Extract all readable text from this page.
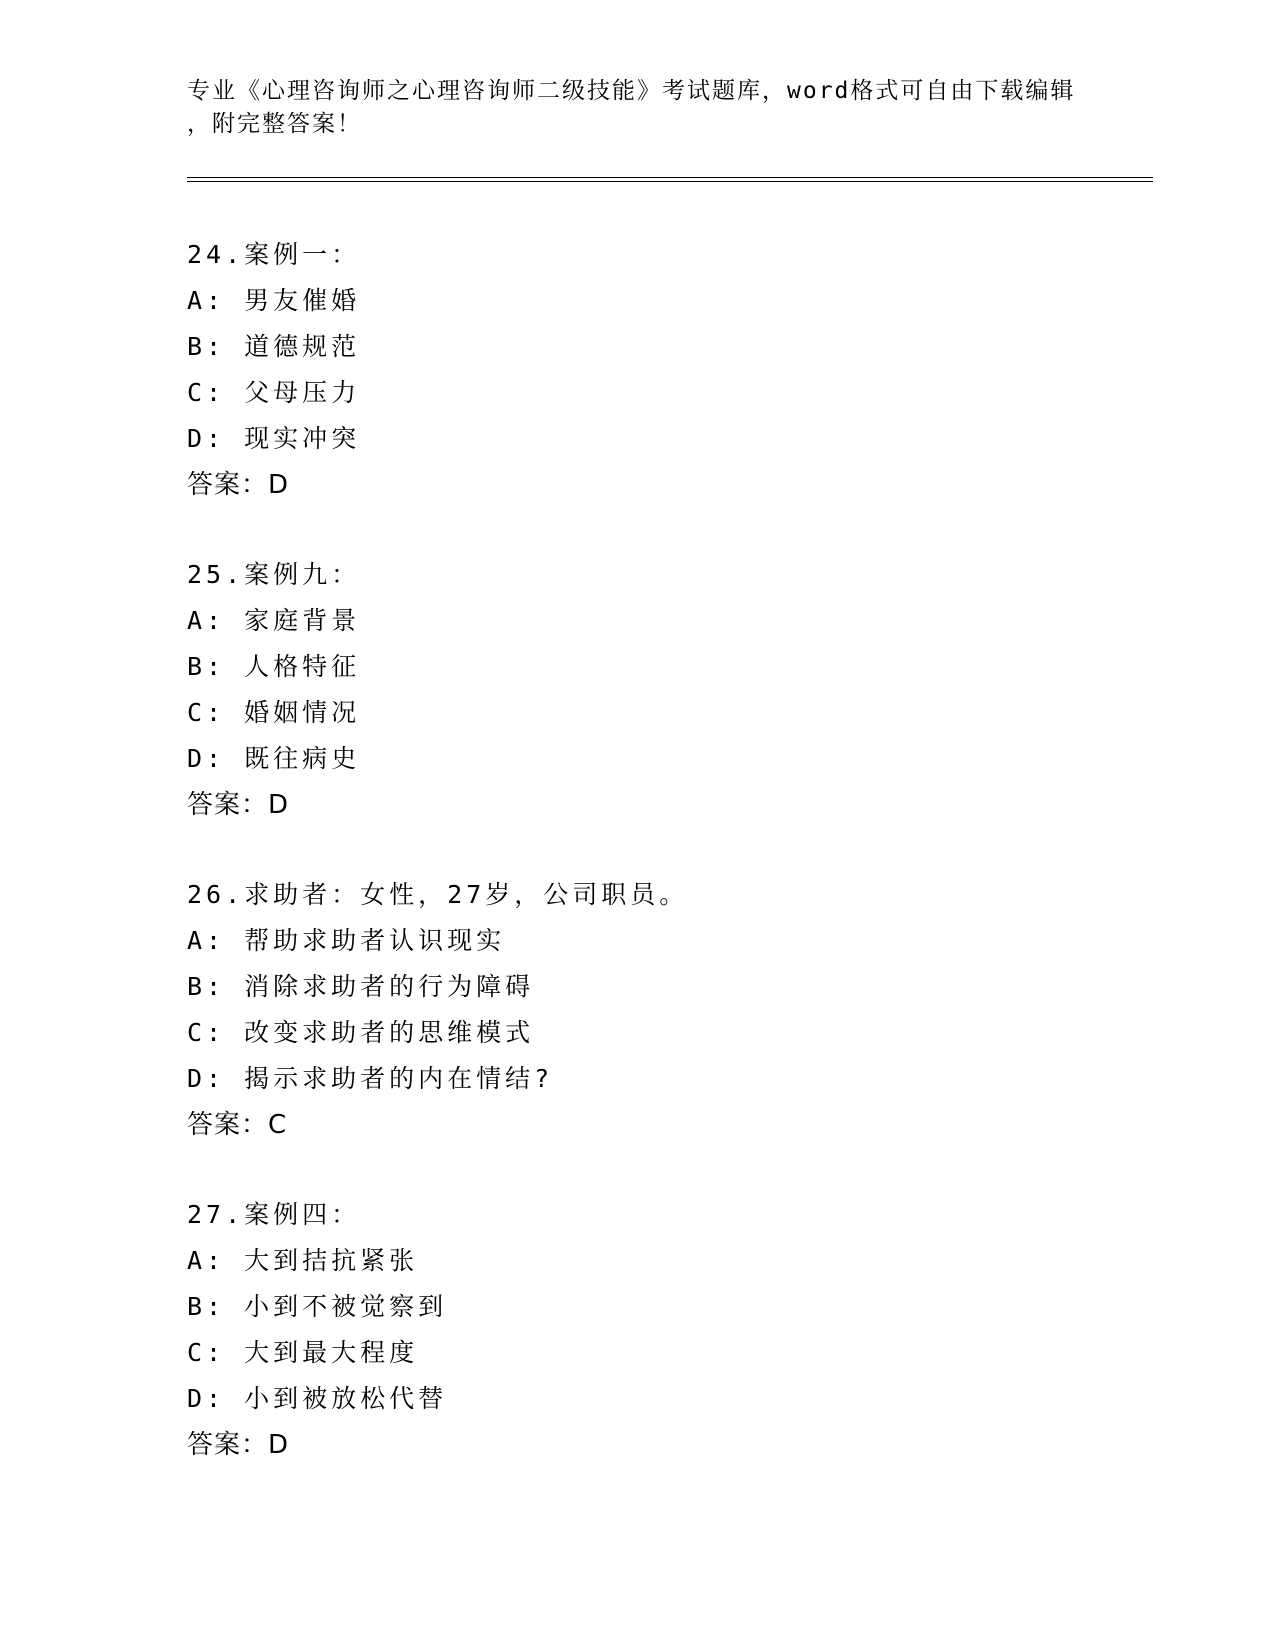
专业《心理咨询师之心理咨询师二级技能》考试题库，word格式可自由下载编辑
，附完整答案！
24.案例一：
A: 男友催婚
B: 道德规范
C: 父母压力
D: 现实冲突
答案：D
25.案例九：
A: 家庭背景
B: 人格特征
C: 婚姻情况
D: 既往病史
答案：D
26.求助者：女性，27岁，公司职员。
A: 帮助求助者认识现实
B: 消除求助者的行为障碍
C: 改变求助者的思维模式
D: 揭示求助者的内在情结?
答案：C
27.案例四：
A: 大到拮抗紧张
B: 小到不被觉察到
C: 大到最大程度
D: 小到被放松代替
答案：D
